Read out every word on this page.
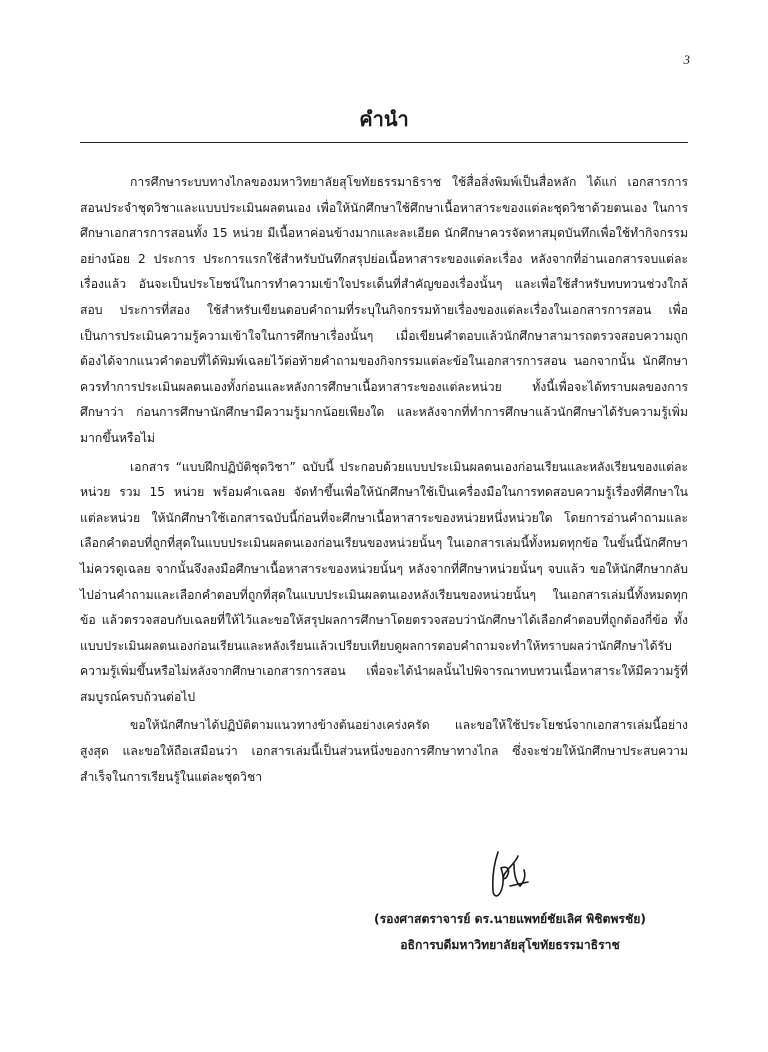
3
คำนำ

การศึกษาระบบทางไกลของมหาวิทยาลัยสุโขทัยธรรมาธิราช ใช้สื่อสิ่งพิมพ์เป็นสื่อหลัก ได้แก่ เอกสารการสอนประจำชุดวิชาและแบบประเมินผลตนเอง เพื่อให้นักศึกษาใช้ศึกษาเนื้อหาสาระของแต่ละชุดวิชาด้วยตนเอง ในการศึกษาเอกสารการสอนทั้ง 15 หน่วย มีเนื้อหาค่อนข้างมากและละเอียด นักศึกษาควรจัดหาสมุดบันทึกเพื่อใช้ทำกิจกรรมอย่างน้อย 2 ประการ ประการแรกใช้สำหรับบันทึกสรุปย่อเนื้อหาสาระของแต่ละเรื่อง หลังจากที่อ่านเอกสารจบแต่ละเรื่องแล้ว อันจะเป็นประโยชน์ในการทำความเข้าใจประเด็นที่สำคัญของเรื่องนั้นๆ และเพื่อใช้สำหรับทบทวนช่วงใกล้สอบ ประการที่สอง ใช้สำหรับเขียนตอบคำถามที่ระบุในกิจกรรมท้ายเรื่องของแต่ละเรื่องในเอกสารการสอน เพื่อเป็นการประเมินความรู้ความเข้าใจในการศึกษาเรื่องนั้นๆ เมื่อเขียนคำตอบแล้วนักศึกษาสามารถตรวจสอบความถูกต้องได้จากแนวคำตอบที่ได้พิมพ์เฉลยไว้ต่อท้ายคำถามของกิจกรรมแต่ละข้อในเอกสารการสอน นอกจากนั้น นักศึกษาควรทำการประเมินผลตนเองทั้งก่อนและหลังการศึกษาเนื้อหาสาระของแต่ละหน่วย ทั้งนี้เพื่อจะได้ทราบผลของการศึกษาว่า ก่อนการศึกษานักศึกษามีความรู้มากน้อยเพียงใด และหลังจากที่ทำการศึกษาแล้วนักศึกษาได้รับความรู้เพิ่มมากขึ้นหรือไม่

เอกสาร “แบบฝึกปฏิบัติชุดวิชา” ฉบับนี้ ประกอบด้วยแบบประเมินผลตนเองก่อนเรียนและหลังเรียนของแต่ละหน่วย รวม 15 หน่วย พร้อมคำเฉลย จัดทำขึ้นเพื่อให้นักศึกษาใช้เป็นเครื่องมือในการทดสอบความรู้เรื่องที่ศึกษาในแต่ละหน่วย ให้นักศึกษาใช้เอกสารฉบับนี้ก่อนที่จะศึกษาเนื้อหาสาระของหน่วยหนึ่งหน่วยใด โดยการอ่านคำถามและเลือกคำตอบที่ถูกที่สุดในแบบประเมินผลตนเองก่อนเรียนของหน่วยนั้นๆ ในเอกสารเล่มนี้ทั้งหมดทุกข้อ ในขั้นนี้นักศึกษาไม่ควรดูเฉลย จากนั้นจึงลงมือศึกษาเนื้อหาสาระของหน่วยนั้นๆ หลังจากที่ศึกษาหน่วยนั้นๆ จบแล้ว ขอให้นักศึกษากลับไปอ่านคำถามและเลือกคำตอบที่ถูกที่สุดในแบบประเมินผลตนเองหลังเรียนของหน่วยนั้นๆ ในเอกสารเล่มนี้ทั้งหมดทุกข้อ แล้วตรวจสอบกับเฉลยที่ให้ไว้และขอให้สรุปผลการศึกษาโดยตรวจสอบว่านักศึกษาได้เลือกคำตอบที่ถูกต้องกี่ข้อ ทั้งแบบประเมินผลตนเองก่อนเรียนและหลังเรียนแล้วเปรียบเทียบดูผลการตอบคำถามจะทำให้ทราบผลว่านักศึกษาได้รับความรู้เพิ่มขึ้นหรือไม่หลังจากศึกษาเอกสารการสอน เพื่อจะได้นำผลนั้นไปพิจารณาทบทวนเนื้อหาสาระให้มีความรู้ที่สมบูรณ์ครบถ้วนต่อไป

ขอให้นักศึกษาได้ปฏิบัติตามแนวทางข้างต้นอย่างเคร่งครัด และขอให้ใช้ประโยชน์จากเอกสารเล่มนี้อย่างสูงสุด และขอให้ถือเสมือนว่า เอกสารเล่มนี้เป็นส่วนหนึ่งของการศึกษาทางไกล ซึ่งจะช่วยให้นักศึกษาประสบความสำเร็จในการเรียนรู้ในแต่ละชุดวิชา

(รองศาสตราจารย์ ดร.นายแพทย์ชัยเลิศ พิชิตพรชัย)
อธิการบดีมหาวิทยาลัยสุโขทัยธรรมาธิราช
